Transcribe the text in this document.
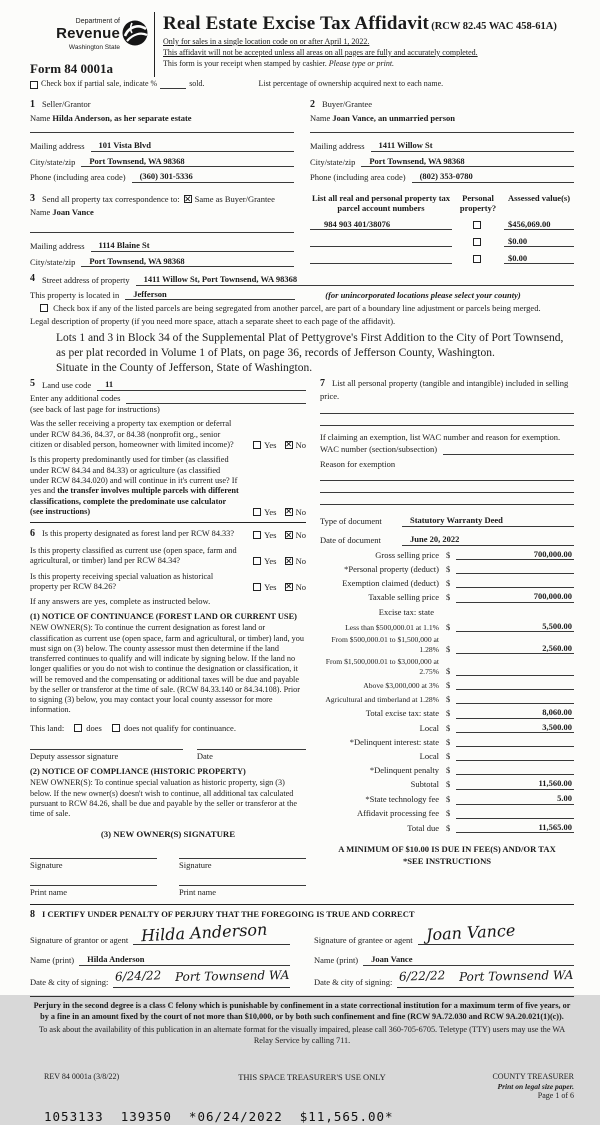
Department of
Revenue
Washington State
Form 84 0001a
Real Estate Excise Tax Affidavit (RCW 82.45 WAC 458-61A)
Only for sales in a single location code on or after April 1, 2022.
This affidavit will not be accepted unless all areas on all pages are fully and accurately completed.
This form is your receipt when stamped by cashier. Please type or print.
Check box if partial sale, indicate %	sold.	List percentage of ownership acquired next to each name.
1 Seller/Grantor
Name Hilda Anderson, as her separate estate
Mailing address	101 Vista Blvd
City/state/zip	Port Townsend, WA 98368
Phone (including area code)	(360) 301-5336
2 Buyer/Grantee
Name Joan Vance, an unmarried person
Mailing address	1411 Willow St
City/state/zip	Port Townsend, WA 98368
Phone (including area code)	(802) 353-0780
3 Send all property tax correspondence to: ✕ Same as Buyer/Grantee
Name Joan Vance
Mailing address	1114 Blaine St
City/state/zip	Port Townsend, WA 98368
List all real and personal property tax parcel account numbers
Personal property?
Assessed value(s)
984 903 401/38076	$456,069.00
$0.00
$0.00
4 Street address of property	1411 Willow St, Port Townsend, WA 98368
This property is located in	Jefferson	(for unincorporated locations please select your county)
Check box if any of the listed parcels are being segregated from another parcel, are part of a boundary line adjustment or parcels being merged.
Legal description of property (if you need more space, attach a separate sheet to each page of the affidavit).
Lots 1 and 3 in Block 34 of the Supplemental Plat of Pettygrove's First Addition to the City of Port Townsend, as per plat recorded in Volume 1 of Plats, on page 36, records of Jefferson County, Washington.
Situate in the County of Jefferson, State of Washington.
5 Land use code	11
Enter any additional codes
(see back of last page for instructions)
Was the seller receiving a property tax exemption or deferral under RCW 84.36, 84.37, or 84.38 (nonprofit org., senior citizen or disabled person, homeowner with limited income)?	Yes ✕ No
Is this property predominantly used for timber (as classified under RCW 84.34 and 84.33) or agriculture (as classified under RCW 84.34.020) and will continue in it's current use? If yes and the transfer involves multiple parcels with different classifications, complete the predominate use calculator (see instructions)	Yes ✕ No
6 Is this property designated as forest land per RCW 84.33?	Yes ✕ No
Is this property classified as current use (open space, farm and agricultural, or timber) land per RCW 84.34?	Yes ✕ No
Is this property receiving special valuation as historical property per RCW 84.26?	Yes ✕ No
If any answers are yes, complete as instructed below.
(1) NOTICE OF CONTINUANCE (FOREST LAND OR CURRENT USE)
NEW OWNER(S): To continue the current designation as forest land or classification as current use (open space, farm and agricultural, or timber) land, you must sign on (3) below. The county assessor must then determine if the land transferred continues to qualify and will indicate by signing below. If the land no longer qualifies or you do not wish to continue the designation or classification, it will be removed and the compensating or additional taxes will be due and payable by the seller or transferor at the time of sale. (RCW 84.33.140 or 84.34.108). Prior to signing (3) below, you may contact your local county assessor for more information.
This land:	does	does not qualify for continuance.
Deputy assessor signature	Date
(2) NOTICE OF COMPLIANCE (HISTORIC PROPERTY)
NEW OWNER(S): To continue special valuation as historic property, sign (3) below. If the new owner(s) doesn't wish to continue, all additional tax calculated pursuant to RCW 84.26, shall be due and payable by the seller or transferor at the time of sale.
(3) NEW OWNER(S) SIGNATURE
Signature	Signature
Print name	Print name
7 List all personal property (tangible and intangible) included in selling price.
If claiming an exemption, list WAC number and reason for exemption.
WAC number (section/subsection)
Reason for exemption
Type of document	Statutory Warranty Deed
Date of document	June 20, 2022
Gross selling price $	700,000.00
*Personal property (deduct) $
Exemption claimed (deduct) $
Taxable selling price $	700,000.00
Excise tax: state
Less than $500,000.01 at 1.1% $	5,500.00
From $500,000.01 to $1,500,000 at 1.28% $	2,560.00
From $1,500,000.01 to $3,000,000 at 2.75% $
Above $3,000,000 at 3% $
Agricultural and timberland at 1.28% $
Total excise tax: state $	8,060.00
Local $	3,500.00
*Delinquent interest: state $
Local $
*Delinquent penalty $
Subtotal $	11,560.00
*State technology fee $	5.00
Affidavit processing fee $
Total due $	11,565.00
A MINIMUM OF $10.00 IS DUE IN FEE(S) AND/OR TAX
*SEE INSTRUCTIONS
8 I CERTIFY UNDER PENALTY OF PERJURY THAT THE FOREGOING IS TRUE AND CORRECT
Signature of grantor or agent Hilda Anderson
Name (print)	Hilda Anderson
Date & city of signing: 6/24/22 Port Townsend WA
Signature of grantee or agent Joan Vance
Name (print)	Joan Vance
Date & city of signing: 6/22/22 Port Townsend WA
Perjury in the second degree is a class C felony which is punishable by confinement in a state correctional institution for a maximum term of five years, or by a fine in an amount fixed by the court of not more than $10,000, or by both such confinement and fine (RCW 9A.72.030 and RCW 9A.20.021(1)(c)).
To ask about the availability of this publication in an alternate format for the visually impaired, please call 360-705-6705. Teletype (TTY) users may use the WA Relay Service by calling 711.
REV 84 0001a (3/8/22)	THIS SPACE TREASURER'S USE ONLY	COUNTY TREASURER
Print on legal size paper.
Page 1 of 6
1053133  139350  *06/24/2022  $11,565.00*
